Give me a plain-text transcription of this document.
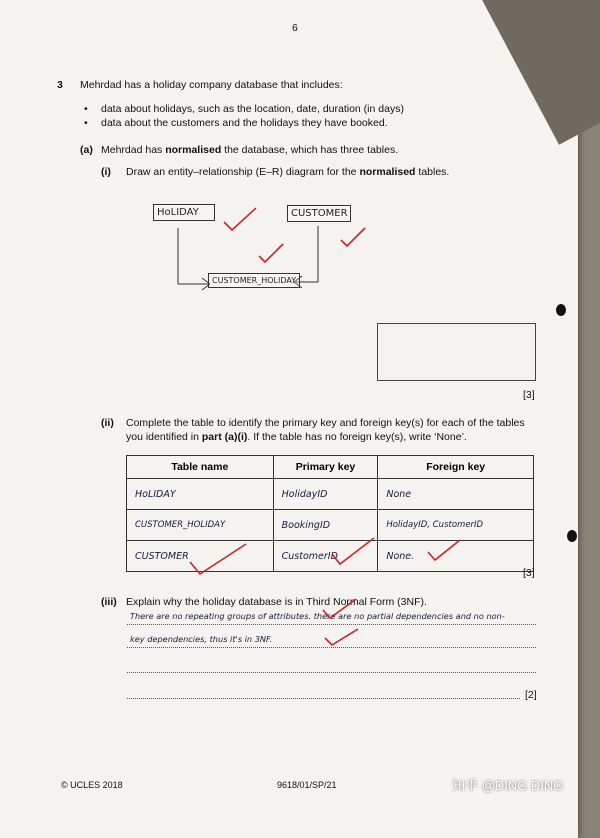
6
3 Mehrdad has a holiday company database that includes:
• data about holidays, such as the location, date, duration (in days)
• data about the customers and the holidays they have booked.
(a) Mehrdad has normalised the database, which has three tables.
(i) Draw an entity–relationship (E–R) diagram for the normalised tables.
HoLIDAY	CUSTOMER
CUSTOMER_HOLIDAY
[3]
(ii) Complete the table to identify the primary key and foreign key(s) for each of the tables
you identified in part (a)(i). If the table has no foreign key(s), write ‘None’.
Table name	Primary key	Foreign key
HoLIDAY	HolidayID	None
CUSTOMER_HOLIDAY	BookingID	HolidayID, CustomerID
CUSTOMER	CustomerID	None.
[3]
(iii) Explain why the holiday database is in Third Normal Form (3NF).
There are no repeating groups of attributes. there are no partial dependencies and no non-
key dependencies, thus it's in 3NF.
[2]
© UCLES 2018	9618/01/SP/21	知乎 @DING DING
